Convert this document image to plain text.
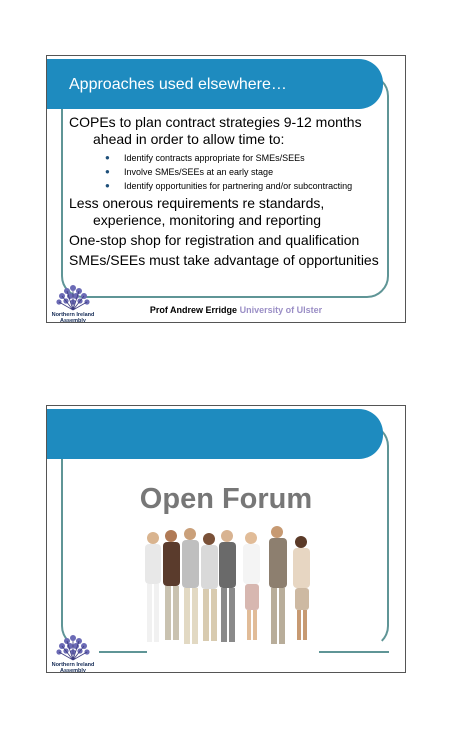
Approaches used elsewhere…
COPEs to plan contract strategies 9-12 months ahead in order to allow time to:
● Identify contracts appropriate for SMEs/SEEs
● Involve SMEs/SEEs at an early stage
● Identify opportunities for partnering and/or subcontracting
Less onerous requirements re standards, experience, monitoring and reporting
One-stop shop for registration and qualification
SMEs/SEEs must take advantage of opportunities
Northern Ireland
Assembly
Prof Andrew Erridge University of Ulster
Open Forum
Northern Ireland
Assembly
